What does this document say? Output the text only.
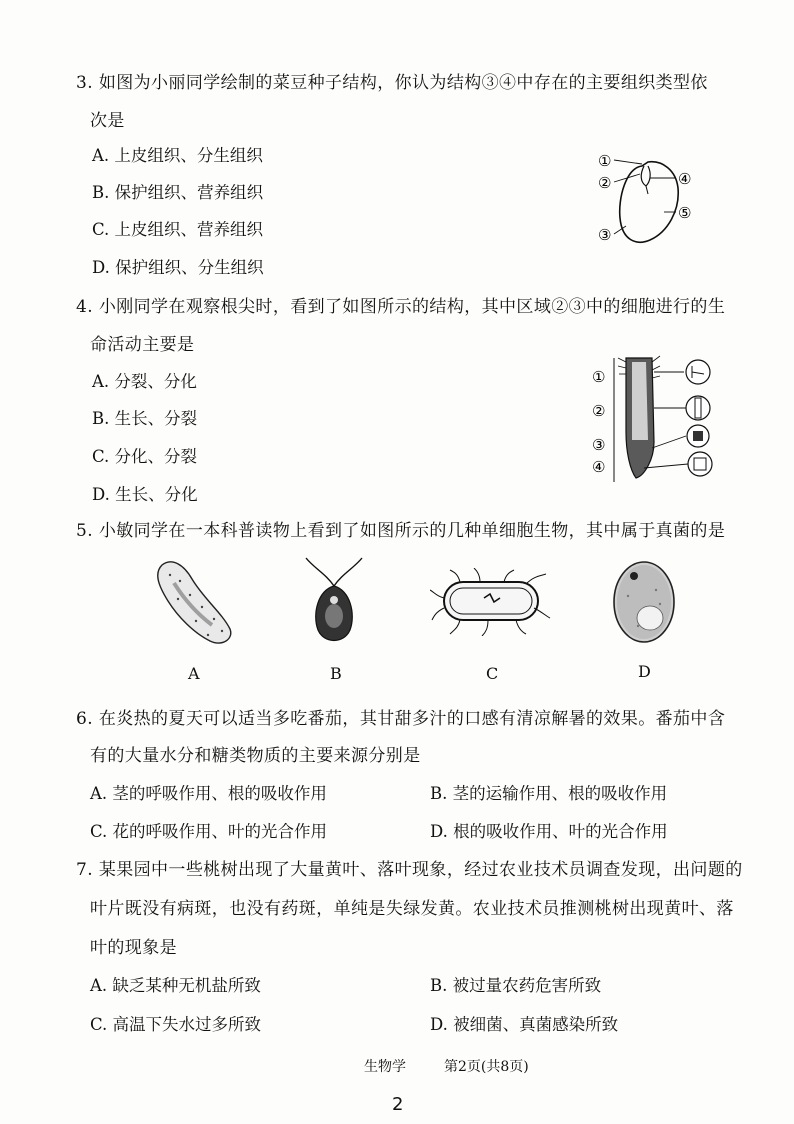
3. 如图为小丽同学绘制的菜豆种子结构，你认为结构③④中存在的主要组织类型依
次是
A. 上皮组织、分生组织
B. 保护组织、营养组织
C. 上皮组织、营养组织
D. 保护组织、分生组织
①
②
③
④
⑤
4. 小刚同学在观察根尖时，看到了如图所示的结构，其中区域②③中的细胞进行的生
命活动主要是
A. 分裂、分化
B. 生长、分裂
C. 分化、分裂
D. 生长、分化
①
②
③
④
5. 小敏同学在一本科普读物上看到了如图所示的几种单细胞生物，其中属于真菌的是
A	B	C	D
6. 在炎热的夏天可以适当多吃番茄，其甘甜多汁的口感有清凉解暑的效果。番茄中含
有的大量水分和糖类物质的主要来源分别是
A. 茎的呼吸作用、根的吸收作用	B. 茎的运输作用、根的吸收作用
C. 花的呼吸作用、叶的光合作用	D. 根的吸收作用、叶的光合作用
7. 某果园中一些桃树出现了大量黄叶、落叶现象，经过农业技术员调查发现，出问题的
叶片既没有病斑，也没有药斑，单纯是失绿发黄。农业技术员推测桃树出现黄叶、落
叶的现象是
A. 缺乏某种无机盐所致	B. 被过量农药危害所致
C. 高温下失水过多所致	D. 被细菌、真菌感染所致
生物学	第2页(共8页)
2
